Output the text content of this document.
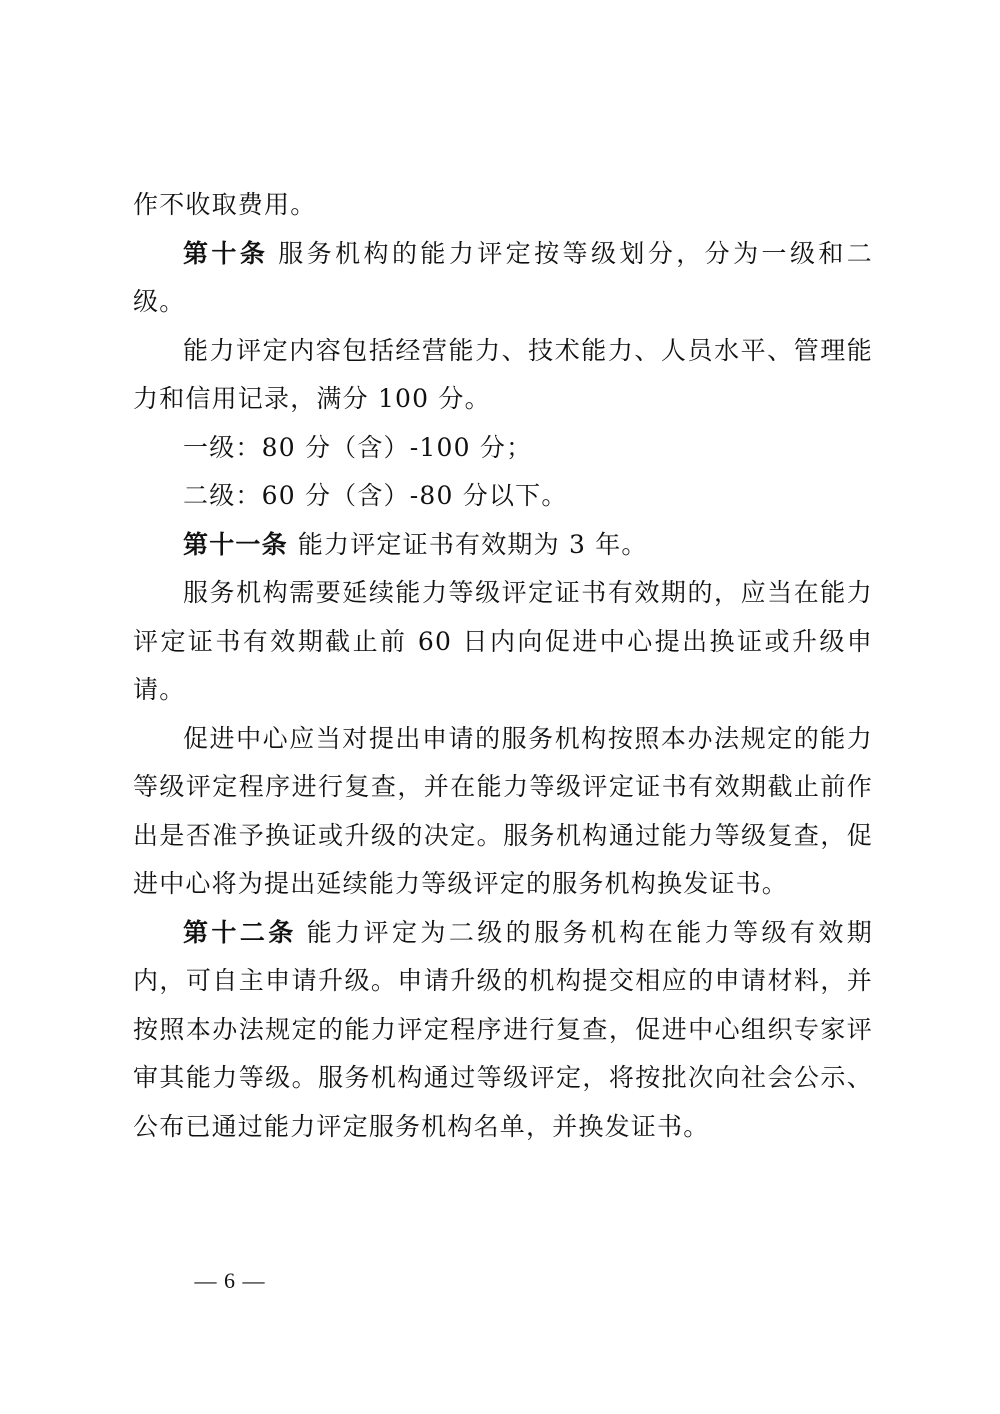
作不收取费用。

第十条 服务机构的能力评定按等级划分，分为一级和二级。

能力评定内容包括经营能力、技术能力、人员水平、管理能力和信用记录，满分 100 分。

一级：80 分（含）-100 分；

二级：60 分（含）-80 分以下。

第十一条 能力评定证书有效期为 3 年。

服务机构需要延续能力等级评定证书有效期的，应当在能力评定证书有效期截止前 60 日内向促进中心提出换证或升级申请。

促进中心应当对提出申请的服务机构按照本办法规定的能力等级评定程序进行复查，并在能力等级评定证书有效期截止前作出是否准予换证或升级的决定。服务机构通过能力等级复查，促进中心将为提出延续能力等级评定的服务机构换发证书。

第十二条 能力评定为二级的服务机构在能力等级有效期内，可自主申请升级。申请升级的机构提交相应的申请材料，并按照本办法规定的能力评定程序进行复查，促进中心组织专家评审其能力等级。服务机构通过等级评定，将按批次向社会公示、公布已通过能力评定服务机构名单，并换发证书。

— 6 —
